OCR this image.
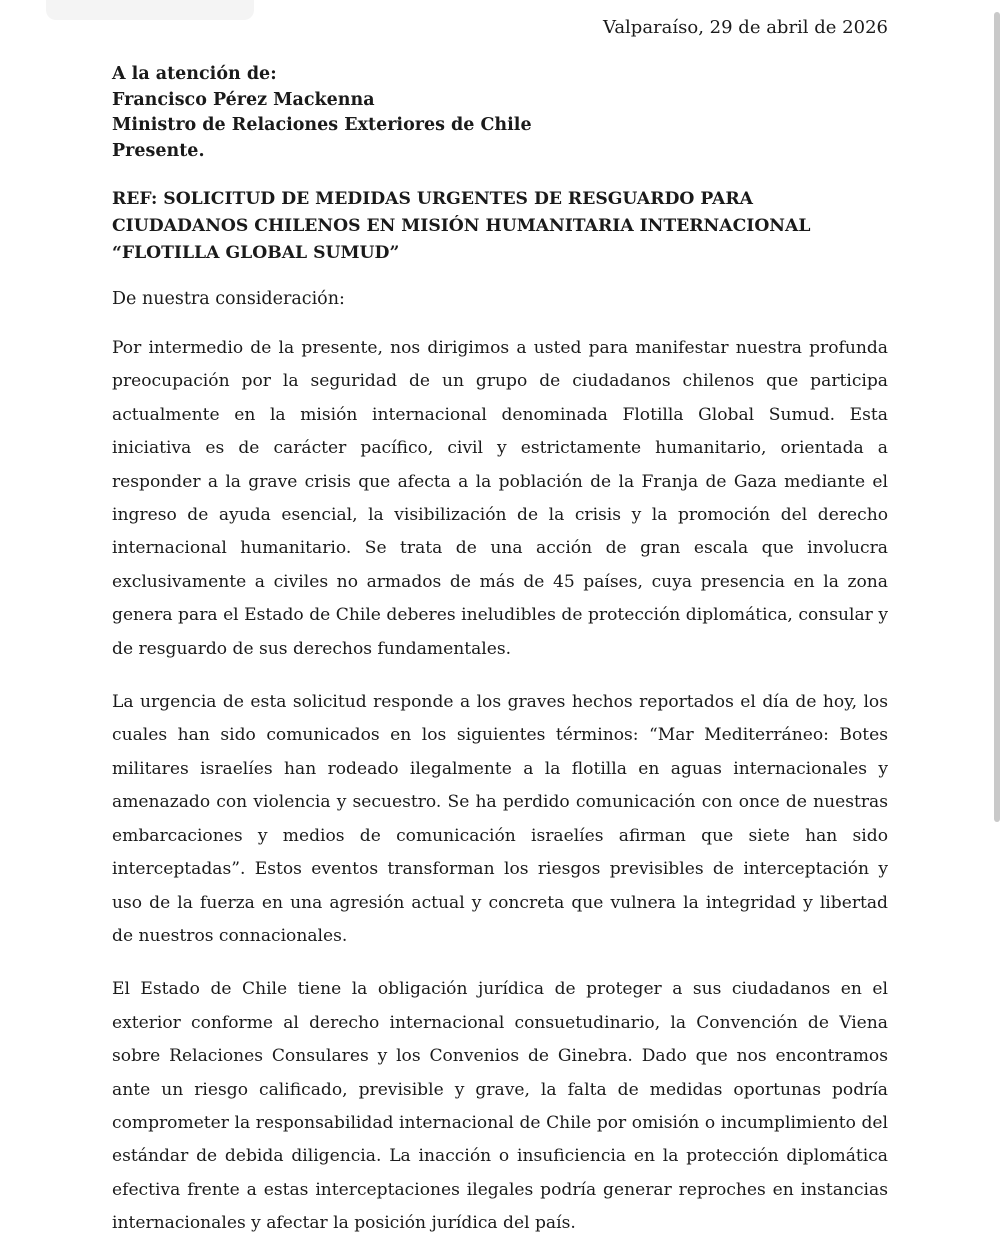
Valparaíso, 29 de abril de 2026

A la atención de:
Francisco Pérez Mackenna
Ministro de Relaciones Exteriores de Chile
Presente.

REF: SOLICITUD DE MEDIDAS URGENTES DE RESGUARDO PARA CIUDADANOS CHILENOS EN MISIÓN HUMANITARIA INTERNACIONAL “FLOTILLA GLOBAL SUMUD”

De nuestra consideración:

Por intermedio de la presente, nos dirigimos a usted para manifestar nuestra profunda preocupación por la seguridad de un grupo de ciudadanos chilenos que participa actualmente en la misión internacional denominada Flotilla Global Sumud. Esta iniciativa es de carácter pacífico, civil y estrictamente humanitario, orientada a responder a la grave crisis que afecta a la población de la Franja de Gaza mediante el ingreso de ayuda esencial, la visibilización de la crisis y la promoción del derecho internacional humanitario. Se trata de una acción de gran escala que involucra exclusivamente a civiles no armados de más de 45 países, cuya presencia en la zona genera para el Estado de Chile deberes ineludibles de protección diplomática, consular y de resguardo de sus derechos fundamentales.

La urgencia de esta solicitud responde a los graves hechos reportados el día de hoy, los cuales han sido comunicados en los siguientes términos: “Mar Mediterráneo: Botes militares israelíes han rodeado ilegalmente a la flotilla en aguas internacionales y amenazado con violencia y secuestro. Se ha perdido comunicación con once de nuestras embarcaciones y medios de comunicación israelíes afirman que siete han sido interceptadas”. Estos eventos transforman los riesgos previsibles de interceptación y uso de la fuerza en una agresión actual y concreta que vulnera la integridad y libertad de nuestros connacionales.

El Estado de Chile tiene la obligación jurídica de proteger a sus ciudadanos en el exterior conforme al derecho internacional consuetudinario, la Convención de Viena sobre Relaciones Consulares y los Convenios de Ginebra. Dado que nos encontramos ante un riesgo calificado, previsible y grave, la falta de medidas oportunas podría comprometer la responsabilidad internacional de Chile por omisión o incumplimiento del estándar de debida diligencia. La inacción o insuficiencia en la protección diplomática efectiva frente a estas interceptaciones ilegales podría generar reproches en instancias internacionales y afectar la posición jurídica del país.
